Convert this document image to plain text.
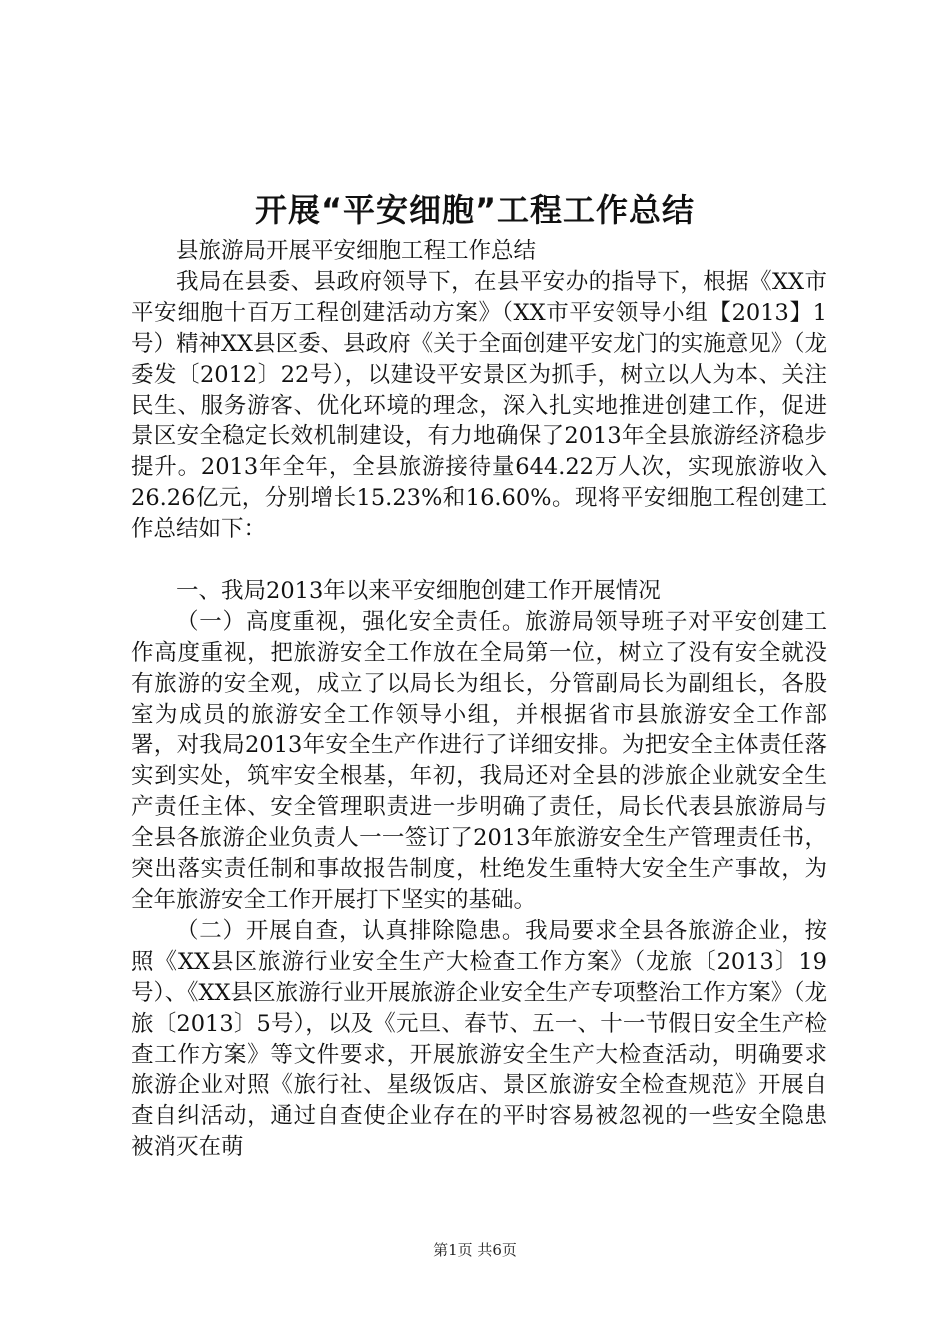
开展“平安细胞”工程工作总结

县旅游局开展平安细胞工程工作总结

我局在县委、县政府领导下，在县平安办的指导下，根据《XX市平安细胞十百万工程创建活动方案》（XX市平安领导小组【2013】1号）精神XX县区委、县政府《关于全面创建平安龙门的实施意见》（龙委发〔2012〕22号），以建设平安景区为抓手，树立以人为本、关注民生、服务游客、优化环境的理念，深入扎实地推进创建工作，促进景区安全稳定长效机制建设，有力地确保了2013年全县旅游经济稳步提升。2013年全年，全县旅游接待量644.22万人次，实现旅游收入26.26亿元，分别增长15.23%和16.60%。现将平安细胞工程创建工作总结如下：

一、我局2013年以来平安细胞创建工作开展情况

（一）高度重视，强化安全责任。旅游局领导班子对平安创建工作高度重视，把旅游安全工作放在全局第一位，树立了没有安全就没有旅游的安全观，成立了以局长为组长，分管副局长为副组长，各股室为成员的旅游安全工作领导小组，并根据省市县旅游安全工作部署，对我局2013年安全生产作进行了详细安排。为把安全主体责任落实到实处，筑牢安全根基，年初，我局还对全县的涉旅企业就安全生产责任主体、安全管理职责进一步明确了责任，局长代表县旅游局与全县各旅游企业负责人一一签订了2013年旅游安全生产管理责任书，突出落实责任制和事故报告制度，杜绝发生重特大安全生产事故，为全年旅游安全工作开展打下坚实的基础。

（二）开展自查，认真排除隐患。我局要求全县各旅游企业，按照《XX县区旅游行业安全生产大检查工作方案》（龙旅〔2013〕19号）、《XX县区旅游行业开展旅游企业安全生产专项整治工作方案》（龙旅〔2013〕5号），以及《元旦、春节、五一、十一节假日安全生产检查工作方案》等文件要求，开展旅游安全生产大检查活动，明确要求旅游企业对照《旅行社、星级饭店、景区旅游安全检查规范》开展自查自纠活动，通过自查使企业存在的平时容易被忽视的一些安全隐患被消灭在萌

第1页 共6页
